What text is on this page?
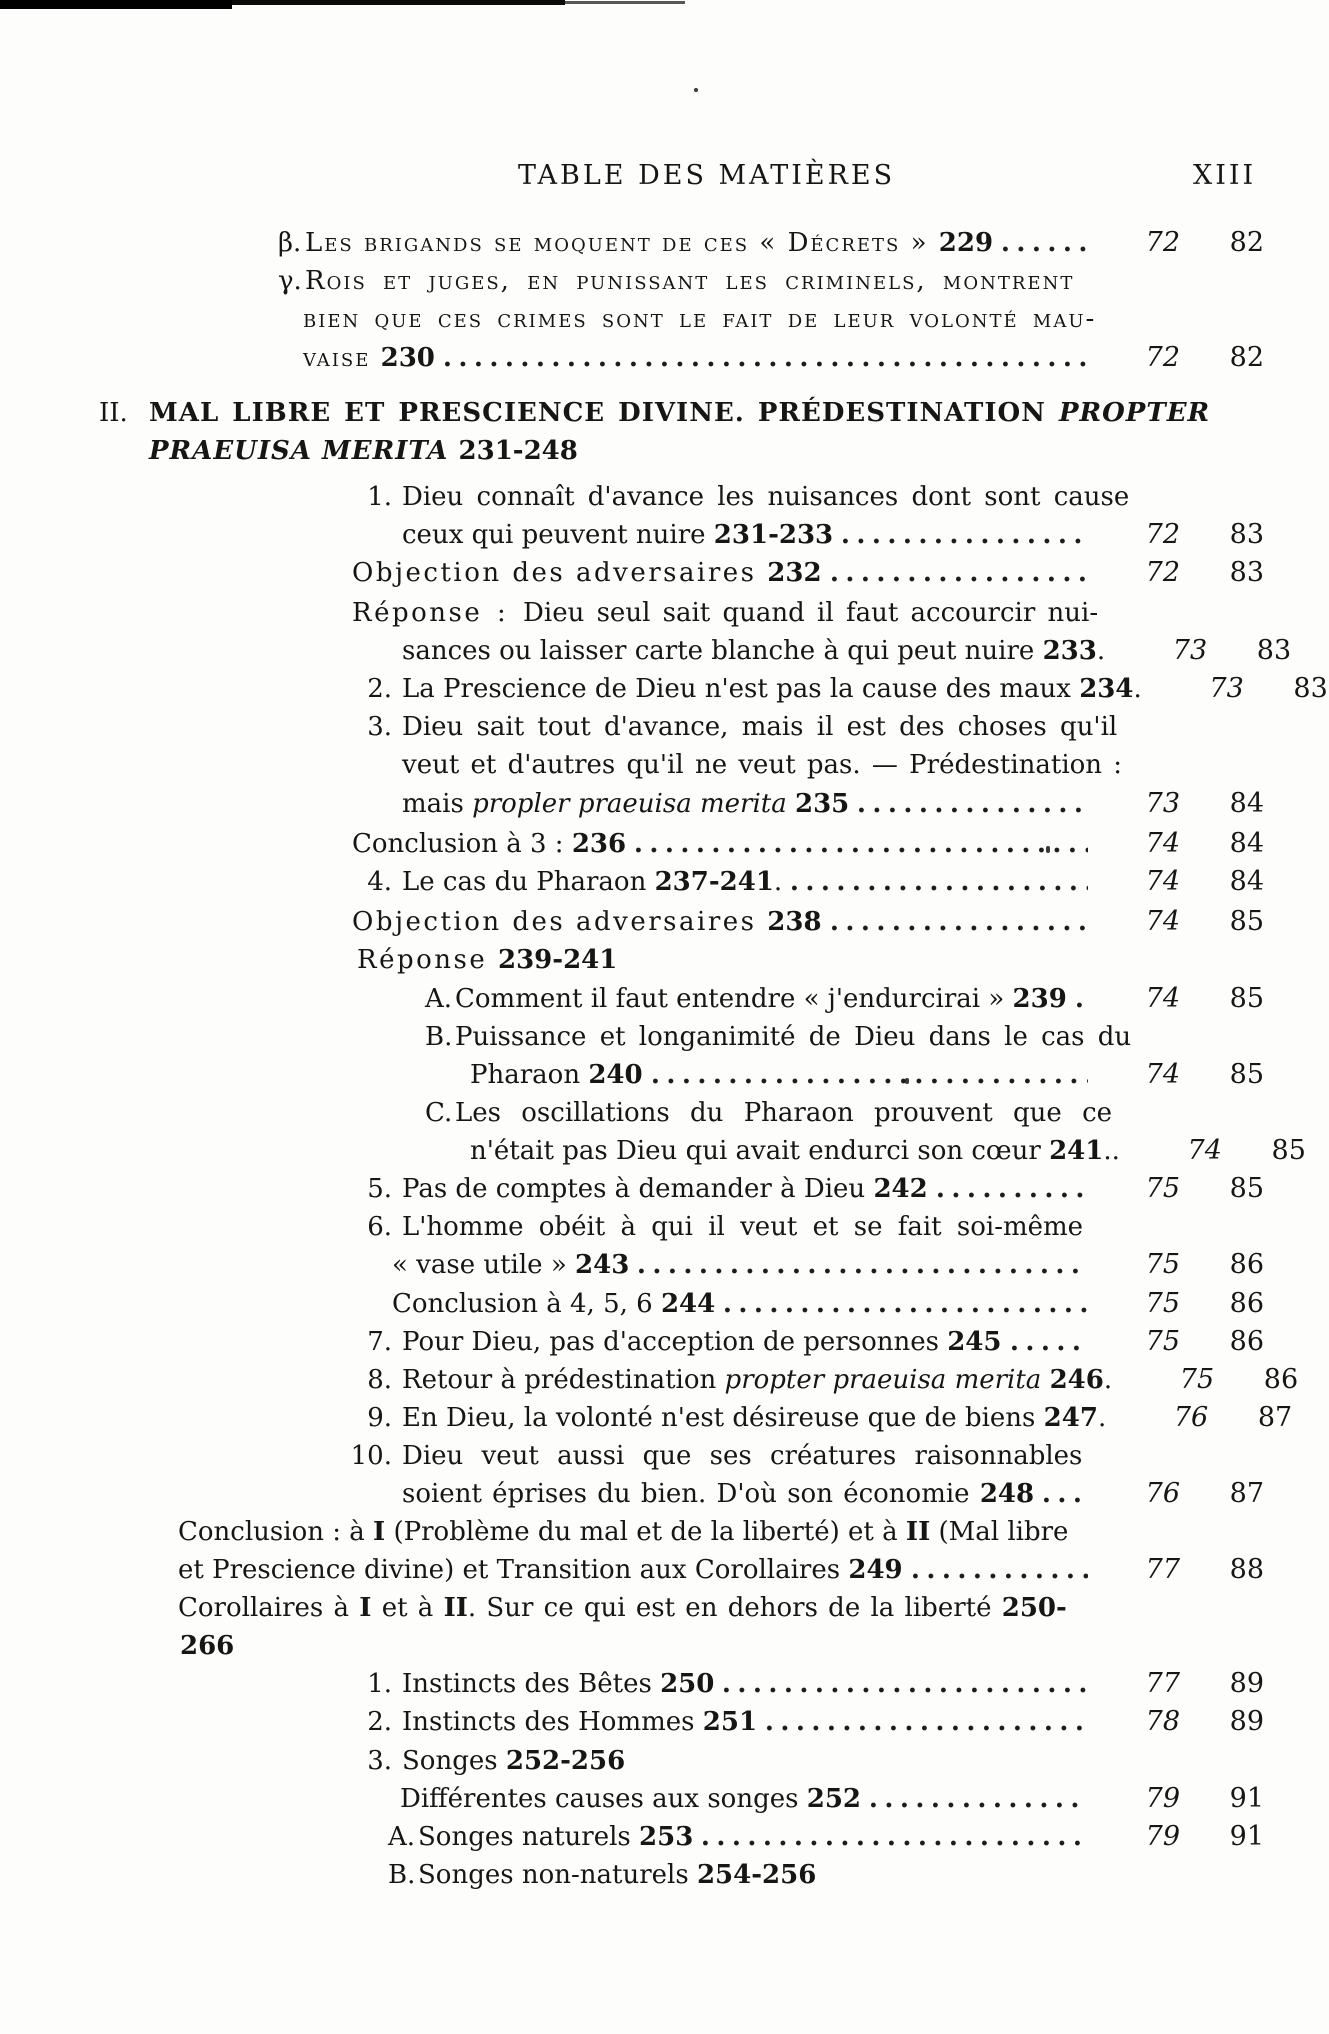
TABLE DES MATIÈRES	XIII
β. Les brigands se moquent de ces « Décrets » 229	72	82
γ. Rois et juges, en punissant les criminels, montrent
bien que ces crimes sont le fait de leur volonté mau-
vaise 230	72	82
II. MAL LIBRE ET PRESCIENCE DIVINE. PRÉDESTINATION PROPTER
PRAEUISA MERITA 231-248
1. Dieu connaît d'avance les nuisances dont sont cause
ceux qui peuvent nuire 231-233	72	83
Objection des adversaires 232	72	83
Réponse : Dieu seul sait quand il faut accourcir nui-
sances ou laisser carte blanche à qui peut nuire 233.	73	83
2. La Prescience de Dieu n'est pas la cause des maux 234.	73	83
3. Dieu sait tout d'avance, mais il est des choses qu'il
veut et d'autres qu'il ne veut pas. — Prédestination :
mais propler praeuisa merita 235	73	84
Conclusion à 3 : 236	74	84
4. Le cas du Pharaon 237-241.	74	84
Objection des adversaires 238	74	85
Réponse 239-241
A. Comment il faut entendre « j'endurcirai » 239	74	85
B. Puissance et longanimité de Dieu dans le cas du
Pharaon 240	74	85
C. Les oscillations du Pharaon prouvent que ce
n'était pas Dieu qui avait endurci son cœur 241..	74	85
5. Pas de comptes à demander à Dieu 242	75	85
6. L'homme obéit à qui il veut et se fait soi-même
« vase utile » 243	75	86
Conclusion à 4, 5, 6 244	75	86
7. Pour Dieu, pas d'acception de personnes 245	75	86
8. Retour à prédestination propter praeuisa merita 246.	75	86
9. En Dieu, la volonté n'est désireuse que de biens 247.	76	87
10. Dieu veut aussi que ses créatures raisonnables
soient éprises du bien. D'où son économie 248	76	87
Conclusion : à I (Problème du mal et de la liberté) et à II (Mal libre
et Prescience divine) et Transition aux Corollaires 249	77	88
Corollaires à I et à II. Sur ce qui est en dehors de la liberté 250-
266
1. Instincts des Bêtes 250	77	89
2. Instincts des Hommes 251	78	89
3. Songes 252-256
Différentes causes aux songes 252	79	91
A. Songes naturels 253	79	91
B. Songes non-naturels 254-256
